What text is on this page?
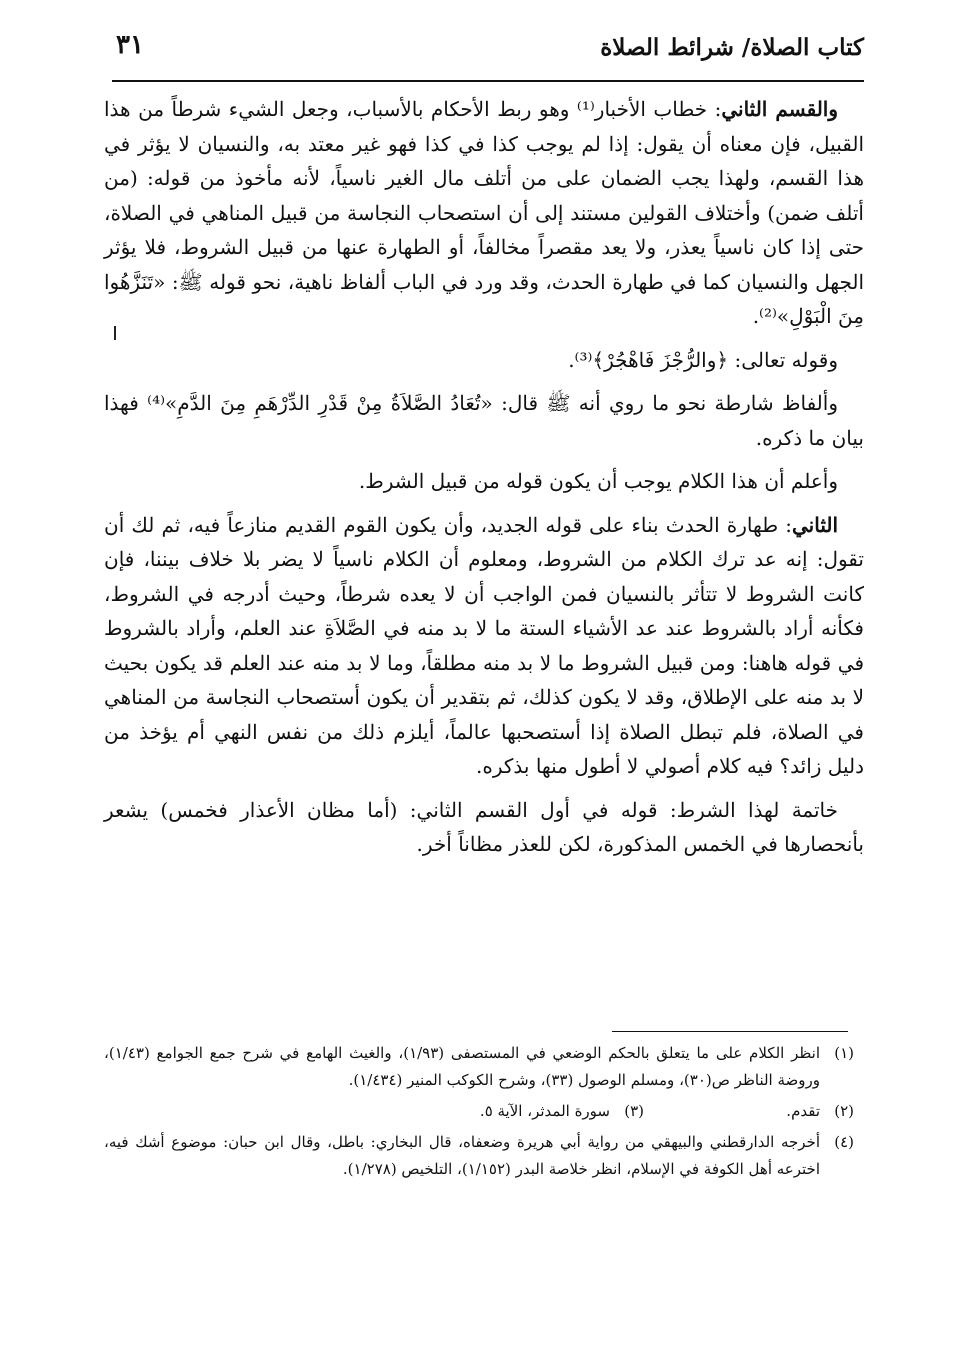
كتاب الصلاة/ شرائط الصلاة
٣١

والقسم الثاني: خطاب الأخبار⁽¹⁾ وهو ربط الأحكام بالأسباب، وجعل الشيء شرطاً من هذا القبيل، فإن معناه أن يقول: إذا لم يوجب كذا في كذا فهو غير معتد به، والنسيان لا يؤثر في هذا القسم، ولهذا يجب الضمان على من أتلف مال الغير ناسياً، لأنه مأخوذ من قوله: (من أتلف ضمن) وأختلاف القولين مستند إلى أن استصحاب النجاسة من قبيل المناهي في الصلاة، حتى إذا كان ناسياً يعذر، ولا يعد مقصراً مخالفاً، أو الطهارة عنها من قبيل الشروط، فلا يؤثر الجهل والنسيان كما في طهارة الحدث، وقد ورد في الباب ألفاظ ناهية، نحو قوله ﷺ: «تَنَزَّهُوا مِنَ الْبَوْلِ»⁽²⁾.

وقوله تعالى: ﴿والرُّجْزَ فَاهْجُرْ﴾⁽³⁾.

وألفاظ شارطة نحو ما روي أنه ﷺ قال: «تُعَادُ الصَّلاَةُ مِنْ قَدْرِ الدِّرْهَمِ مِنَ الدَّمِ»⁽⁴⁾ فهذا بيان ما ذكره.

وأعلم أن هذا الكلام يوجب أن يكون قوله من قبيل الشرط.

الثاني: طهارة الحدث بناء على قوله الجديد، وأن يكون القوم القديم منازعاً فيه، ثم لك أن تقول: إنه عد ترك الكلام من الشروط، ومعلوم أن الكلام ناسياً لا يضر بلا خلاف بيننا، فإن كانت الشروط لا تتأثر بالنسيان فمن الواجب أن لا يعده شرطاً، وحيث أدرجه في الشروط، فكأنه أراد بالشروط عند عد الأشياء الستة ما لا بد منه في الصَّلاَةِ عند العلم، وأراد بالشروط في قوله هاهنا: ومن قبيل الشروط ما لا بد منه مطلقاً، وما لا بد منه عند العلم قد يكون بحيث لا بد منه على الإطلاق، وقد لا يكون كذلك، ثم بتقدير أن يكون أستصحاب النجاسة من المناهي في الصلاة، فلم تبطل الصلاة إذا أستصحبها عالماً، أيلزم ذلك من نفس النهي أم يؤخذ من دليل زائد؟ فيه كلام أصولي لا أطول منها بذكره.

خاتمة لهذا الشرط: قوله في أول القسم الثاني: (أما مظان الأعذار فخمس) يشعر بأنحصارها في الخمس المذكورة، لكن للعذر مظاناً أخر.

(١)
انظر الكلام على ما يتعلق بالحكم الوضعي في المستصفى (١/٩٣)، والغيث الهامع في شرح جمع الجوامع (١/٤٣)، وروضة الناظر ص(٣٠)، ومسلم الوصول (٣٣)، وشرح الكوكب المنير (١/٤٣٤).
(٢)
تقدم.
(٣)
سورة المدثر، الآية ٥.
(٤)
أخرجه الدارقطني والبيهقي من رواية أبي هريرة وضعفاه، قال البخاري: باطل، وقال ابن حبان: موضوع أشك فيه، اخترعه أهل الكوفة في الإسلام، انظر خلاصة البدر (١/١٥٢)، التلخيص (١/٢٧٨).
